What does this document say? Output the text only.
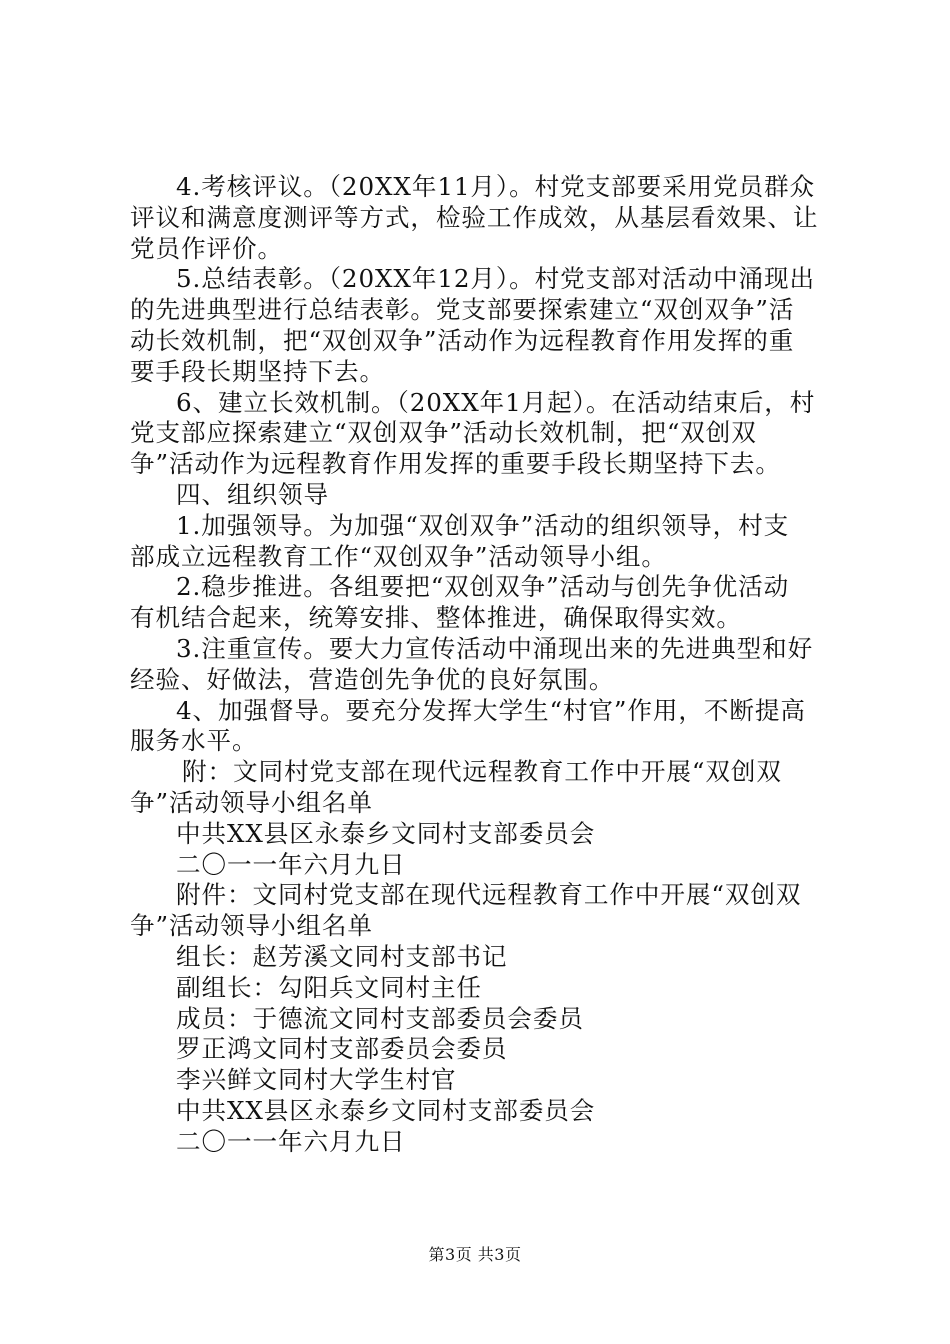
4.考核评议。（20XX年11月）。村党支部要采用党员群众
评议和满意度测评等方式，检验工作成效，从基层看效果、让
党员作评价。
5.总结表彰。（20XX年12月）。村党支部对活动中涌现出
的先进典型进行总结表彰。党支部要探索建立“双创双争”活
动长效机制，把“双创双争”活动作为远程教育作用发挥的重
要手段长期坚持下去。
6、建立长效机制。（20XX年1月起）。在活动结束后，村
党支部应探索建立“双创双争”活动长效机制，把“双创双
争”活动作为远程教育作用发挥的重要手段长期坚持下去。
四、组织领导
1.加强领导。为加强“双创双争”活动的组织领导，村支
部成立远程教育工作“双创双争”活动领导小组。
2.稳步推进。各组要把“双创双争”活动与创先争优活动
有机结合起来，统筹安排、整体推进，确保取得实效。
3.注重宣传。要大力宣传活动中涌现出来的先进典型和好
经验、好做法，营造创先争优的良好氛围。
4、加强督导。要充分发挥大学生“村官”作用，不断提高
服务水平。
附：文同村党支部在现代远程教育工作中开展“双创双
争”活动领导小组名单
中共XX县区永泰乡文同村支部委员会
二〇一一年六月九日
附件：文同村党支部在现代远程教育工作中开展“双创双
争”活动领导小组名单
组长：赵芳溪文同村支部书记
副组长：勾阳兵文同村主任
成员：于德流文同村支部委员会委员
罗正鸿文同村支部委员会委员
李兴鲜文同村大学生村官
中共XX县区永泰乡文同村支部委员会
二〇一一年六月九日
第3页 共3页
